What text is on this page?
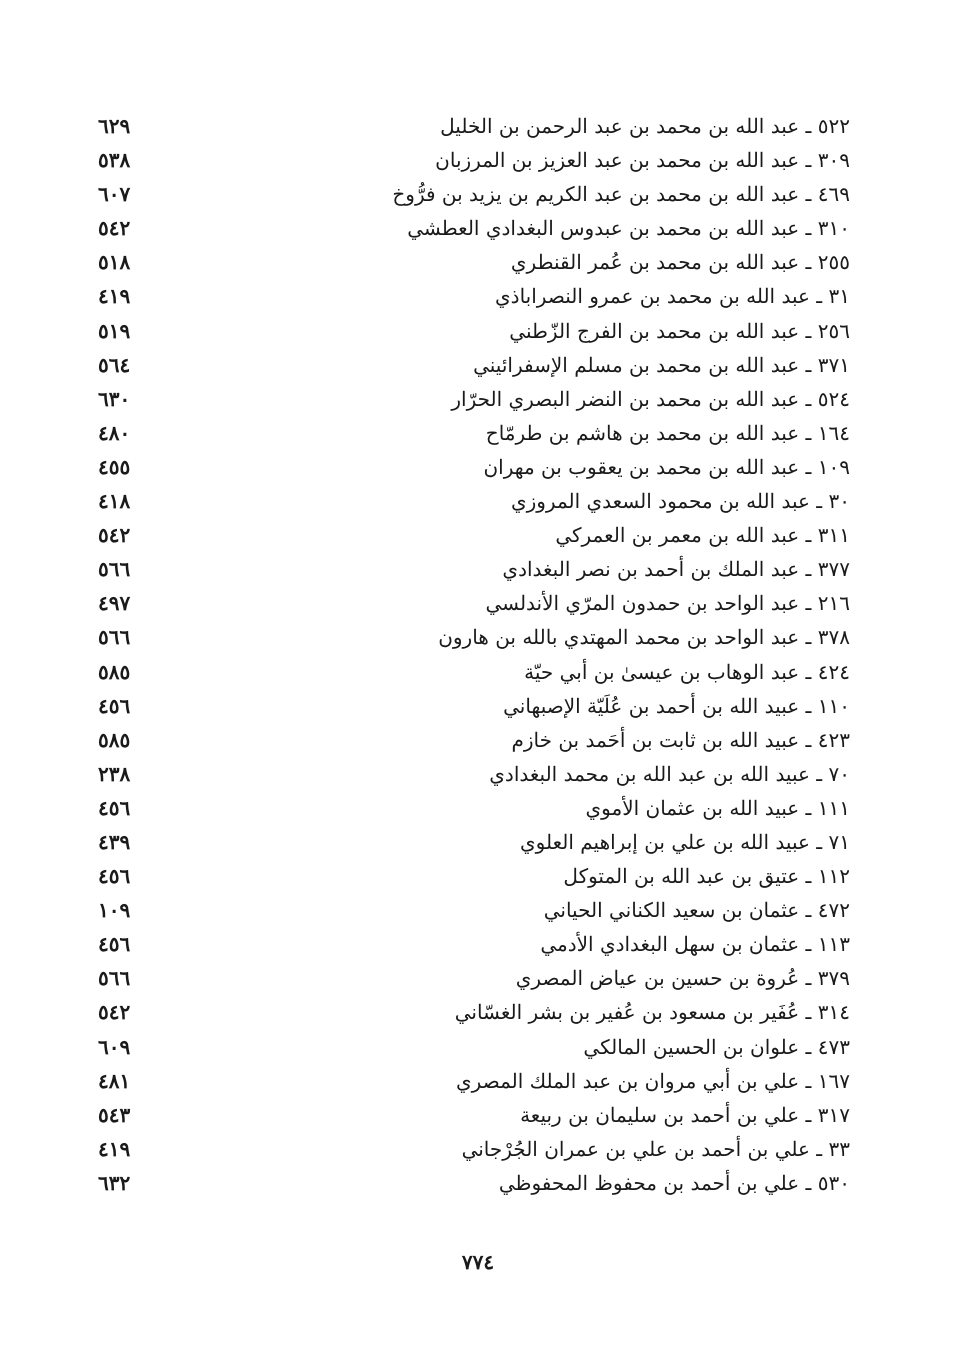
٥٢٢ ـ عبد الله بن محمد بن عبد الرحمن بن الخليل
٦٢٩
٣٠٩ ـ عبد الله بن محمد بن عبد العزيز بن المرزبان
٥٣٨
٤٦٩ ـ عبد الله بن محمد بن عبد الكريم بن يزيد بن فرُّوخ
٦٠٧
٣١٠ ـ عبد الله بن محمد بن عبدوس البغدادي العطشي
٥٤٢
٢٥٥ ـ عبد الله بن محمد بن عُمر القنطري
٥١٨
٣١ ـ عبد الله بن محمد بن عمرو النصراباذي
٤١٩
٢٥٦ ـ عبد الله بن محمد بن الفرج الزّطني
٥١٩
٣٧١ ـ عبد الله بن محمد بن مسلم الإسفرائيني
٥٦٤
٥٢٤ ـ عبد الله بن محمد بن النضر البصري الحرّار
٦٣٠
١٦٤ ـ عبد الله بن محمد بن هاشم بن طرمّاح
٤٨٠
١٠٩ ـ عبد الله بن محمد بن يعقوب بن مهران
٤٥٥
٣٠ ـ عبد الله بن محمود السعدي المروزي
٤١٨
٣١١ ـ عبد الله بن معمر بن العمركي
٥٤٢
٣٧٧ ـ عبد الملك بن أحمد بن نصر البغدادي
٥٦٦
٢١٦ ـ عبد الواحد بن حمدون المرّي الأندلسي
٤٩٧
٣٧٨ ـ عبد الواحد بن محمد المهتدي بالله بن هارون
٥٦٦
٤٢٤ ـ عبد الوهاب بن عيسىٰ بن أبي حيّة
٥٨٥
١١٠ ـ عبيد الله بن أحمد بن عُلَيّة الإصبهاني
٤٥٦
٤٢٣ ـ عبيد الله بن ثابت بن أحَمد بن خازم
٥٨٥
٧٠ ـ عبيد الله بن عبد الله بن محمد البغدادي
٢٣٨
١١١ ـ عبيد الله بن عثمان الأموي
٤٥٦
٧١ ـ عبيد الله بن علي بن إبراهيم العلوي
٤٣٩
١١٢ ـ عتيق بن عبد الله بن المتوكل
٤٥٦
٤٧٢ ـ عثمان بن سعيد الكناني الحياني
١٠٩
١١٣ ـ عثمان بن سهل البغدادي الأدمي
٤٥٦
٣٧٩ ـ عُروة بن حسين بن عياض المصري
٥٦٦
٣١٤ ـ عُفَير بن مسعود بن عُفير بن بشر الغسّاني
٥٤٢
٤٧٣ ـ علوان بن الحسين المالكي
٦٠٩
١٦٧ ـ علي بن أبي مروان بن عبد الملك المصري
٤٨١
٣١٧ ـ علي بن أحمد بن سليمان بن ربيعة
٥٤٣
٣٣ ـ علي بن أحمد بن علي بن عمران الجُرْجاني
٤١٩
٥٣٠ ـ علي بن أحمد بن محفوظ المحفوظي
٦٣٢
٧٧٤
